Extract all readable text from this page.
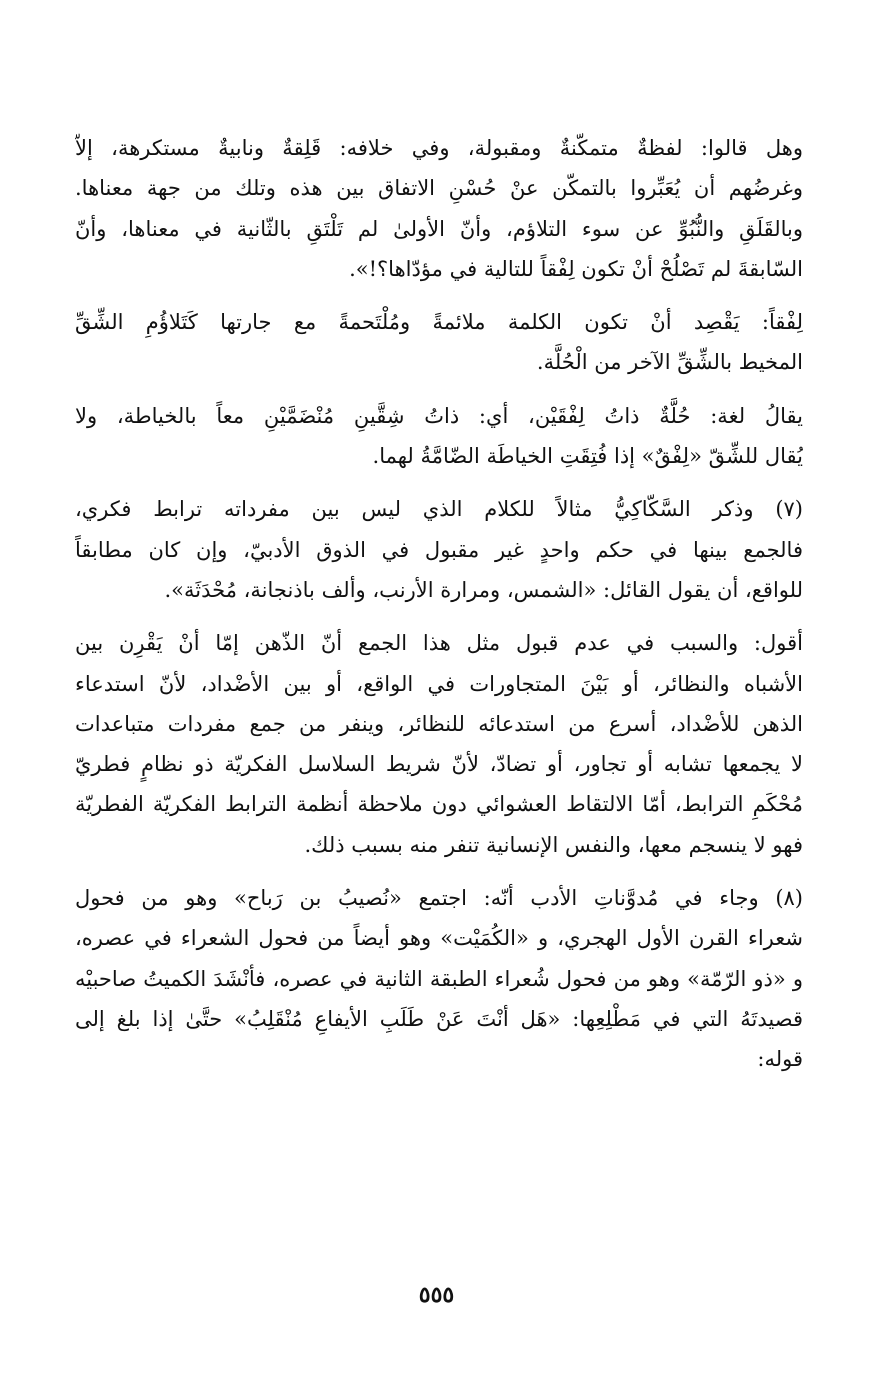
وهل قالوا: لفظةٌ متمكّنةٌ ومقبولة، وفي خلافه: قَلِقةٌ ونابيةٌ مستكرهة، إلاّ
وغرضُهم أن يُعَبِّروا بالتمكّن عنْ حُسْنِ الاتفاق بين هذه وتلك من جهة معناها.
وبالقَلَقِ والنُّبُوِّ عن سوء التلاؤم، وأنّ الأولىٰ لم تَلْتَقِ بالثّانية في معناها، وأنّ
السّابقةَ لم تَصْلُحْ أنْ تكون لِفْقاً للتالية في مؤدّاها؟!».

لِفْقاً: يَقْصِد أنْ تكون الكلمة ملائمةً ومُلْتَحمةً مع جارتها كَتَلاؤُمِ الشِّقِّ
المخيط بالشِّقِّ الآخر من الْحُلَّة.

يقالُ لغة: حُلَّةٌ ذاتُ لِفْقَيْن، أي: ذاتُ شِقَّينِ مُنْضَمَّيْنِ معاً بالخياطة، ولا
يُقال للشِّقّ «لِفْقٌ» إذا فُتِقَتِ الخياطَة الضّامَّةُ لهما.

(٧) وذكر السَّكّاكِيُّ مثالاً للكلام الذي ليس بين مفرداته ترابط فكري،
فالجمع بينها في حكم واحدٍ غير مقبول في الذوق الأدبيّ، وإن كان مطابقاً
للواقع، أن يقول القائل: «الشمس، ومرارة الأرنب، وألف باذنجانة، مُحْدَثَة».

أقول: والسبب في عدم قبول مثل هذا الجمع أنّ الذّهن إمّا أنْ يَقْرِن بين
الأشباه والنظائر، أو بَيْنَ المتجاورات في الواقع، أو بين الأضْداد، لأنّ استدعاء
الذهن للأضْداد، أسرع من استدعائه للنظائر، وينفر من جمع مفردات متباعدات
لا يجمعها تشابه أو تجاور، أو تضادّ، لأنّ شريط السلاسل الفكريّة ذو نظامٍ فطريّ
مُحْكَمِ الترابط، أمّا الالتقاط العشوائي دون ملاحظة أنظمة الترابط الفكريّة الفطريّة
فهو لا ينسجم معها، والنفس الإنسانية تنفر منه بسبب ذلك.

(٨) وجاء في مُدوَّناتِ الأدب أنّه: اجتمع «نُصيبُ بن رَباح» وهو من فحول
شعراء القرن الأول الهجري، و «الكُمَيْت» وهو أيضاً من فحول الشعراء في عصره،
و «ذو الرّمّة» وهو من فحول شُعراء الطبقة الثانية في عصره، فأنْشَدَ الكميتُ صاحبيْه
قصيدتَهُ التي في مَطْلِعِها: «هَل أنْتَ عَنْ طَلَبِ الأيفاعِ مُنْقَلِبُ» حتَّىٰ إذا بلغ إلى
قوله:

٥٥٥
